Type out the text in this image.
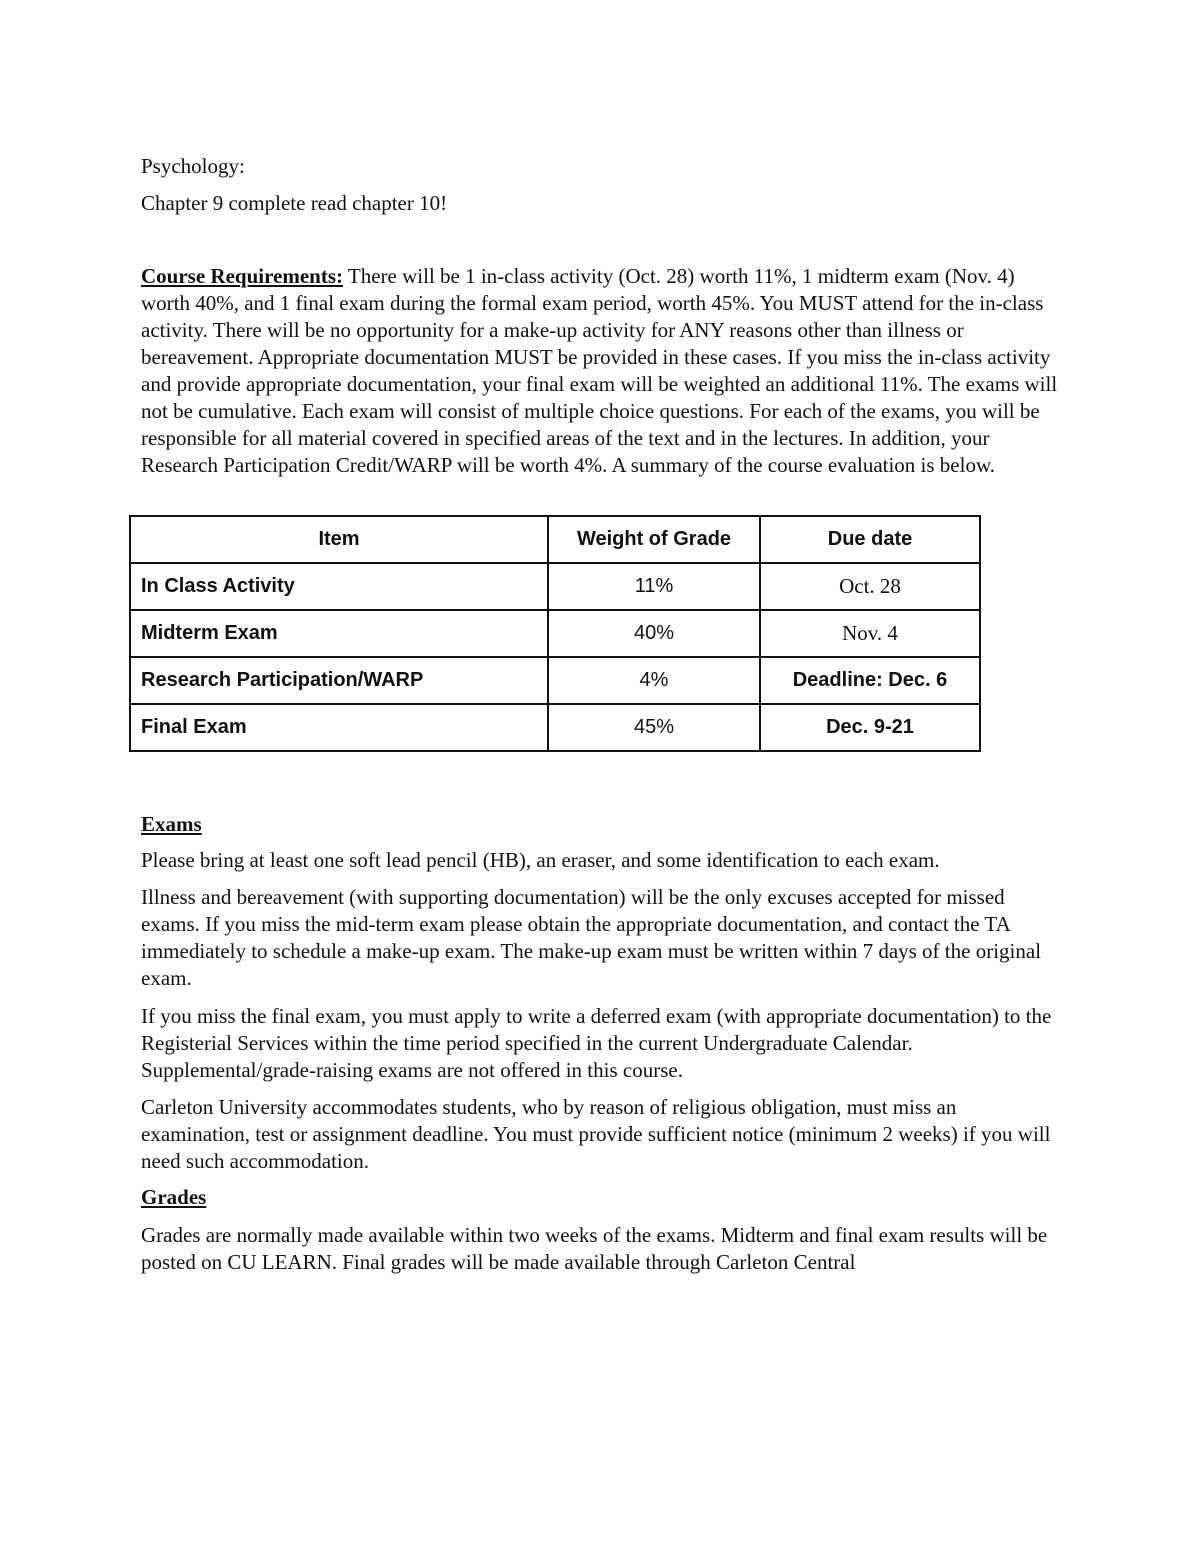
Psychology:

Chapter 9 complete read chapter 10!

Course Requirements: There will be 1 in-class activity (Oct. 28) worth 11%, 1 midterm exam (Nov. 4) worth 40%, and 1 final exam during the formal exam period, worth 45%. You MUST attend for the in-class activity. There will be no opportunity for a make-up activity for ANY reasons other than illness or bereavement. Appropriate documentation MUST be provided in these cases. If you miss the in-class activity and provide appropriate documentation, your final exam will be weighted an additional 11%. The exams will not be cumulative. Each exam will consist of multiple choice questions. For each of the exams, you will be responsible for all material covered in specified areas of the text and in the lectures. In addition, your Research Participation Credit/WARP will be worth 4%. A summary of the course evaluation is below.

Item	Weight of Grade	Due date
In Class Activity	11%	Oct. 28
Midterm Exam	40%	Nov. 4
Research Participation/WARP	4%	Deadline: Dec. 6
Final Exam	45%	Dec. 9-21

Exams

Please bring at least one soft lead pencil (HB), an eraser, and some identification to each exam.

Illness and bereavement (with supporting documentation) will be the only excuses accepted for missed exams. If you miss the mid-term exam please obtain the appropriate documentation, and contact the TA immediately to schedule a make-up exam. The make-up exam must be written within 7 days of the original exam.

If you miss the final exam, you must apply to write a deferred exam (with appropriate documentation) to the Registerial Services within the time period specified in the current Undergraduate Calendar. Supplemental/grade-raising exams are not offered in this course.

Carleton University accommodates students, who by reason of religious obligation, must miss an examination, test or assignment deadline. You must provide sufficient notice (minimum 2 weeks) if you will need such accommodation.

Grades

Grades are normally made available within two weeks of the exams. Midterm and final exam results will be posted on CU LEARN. Final grades will be made available through Carleton Central
